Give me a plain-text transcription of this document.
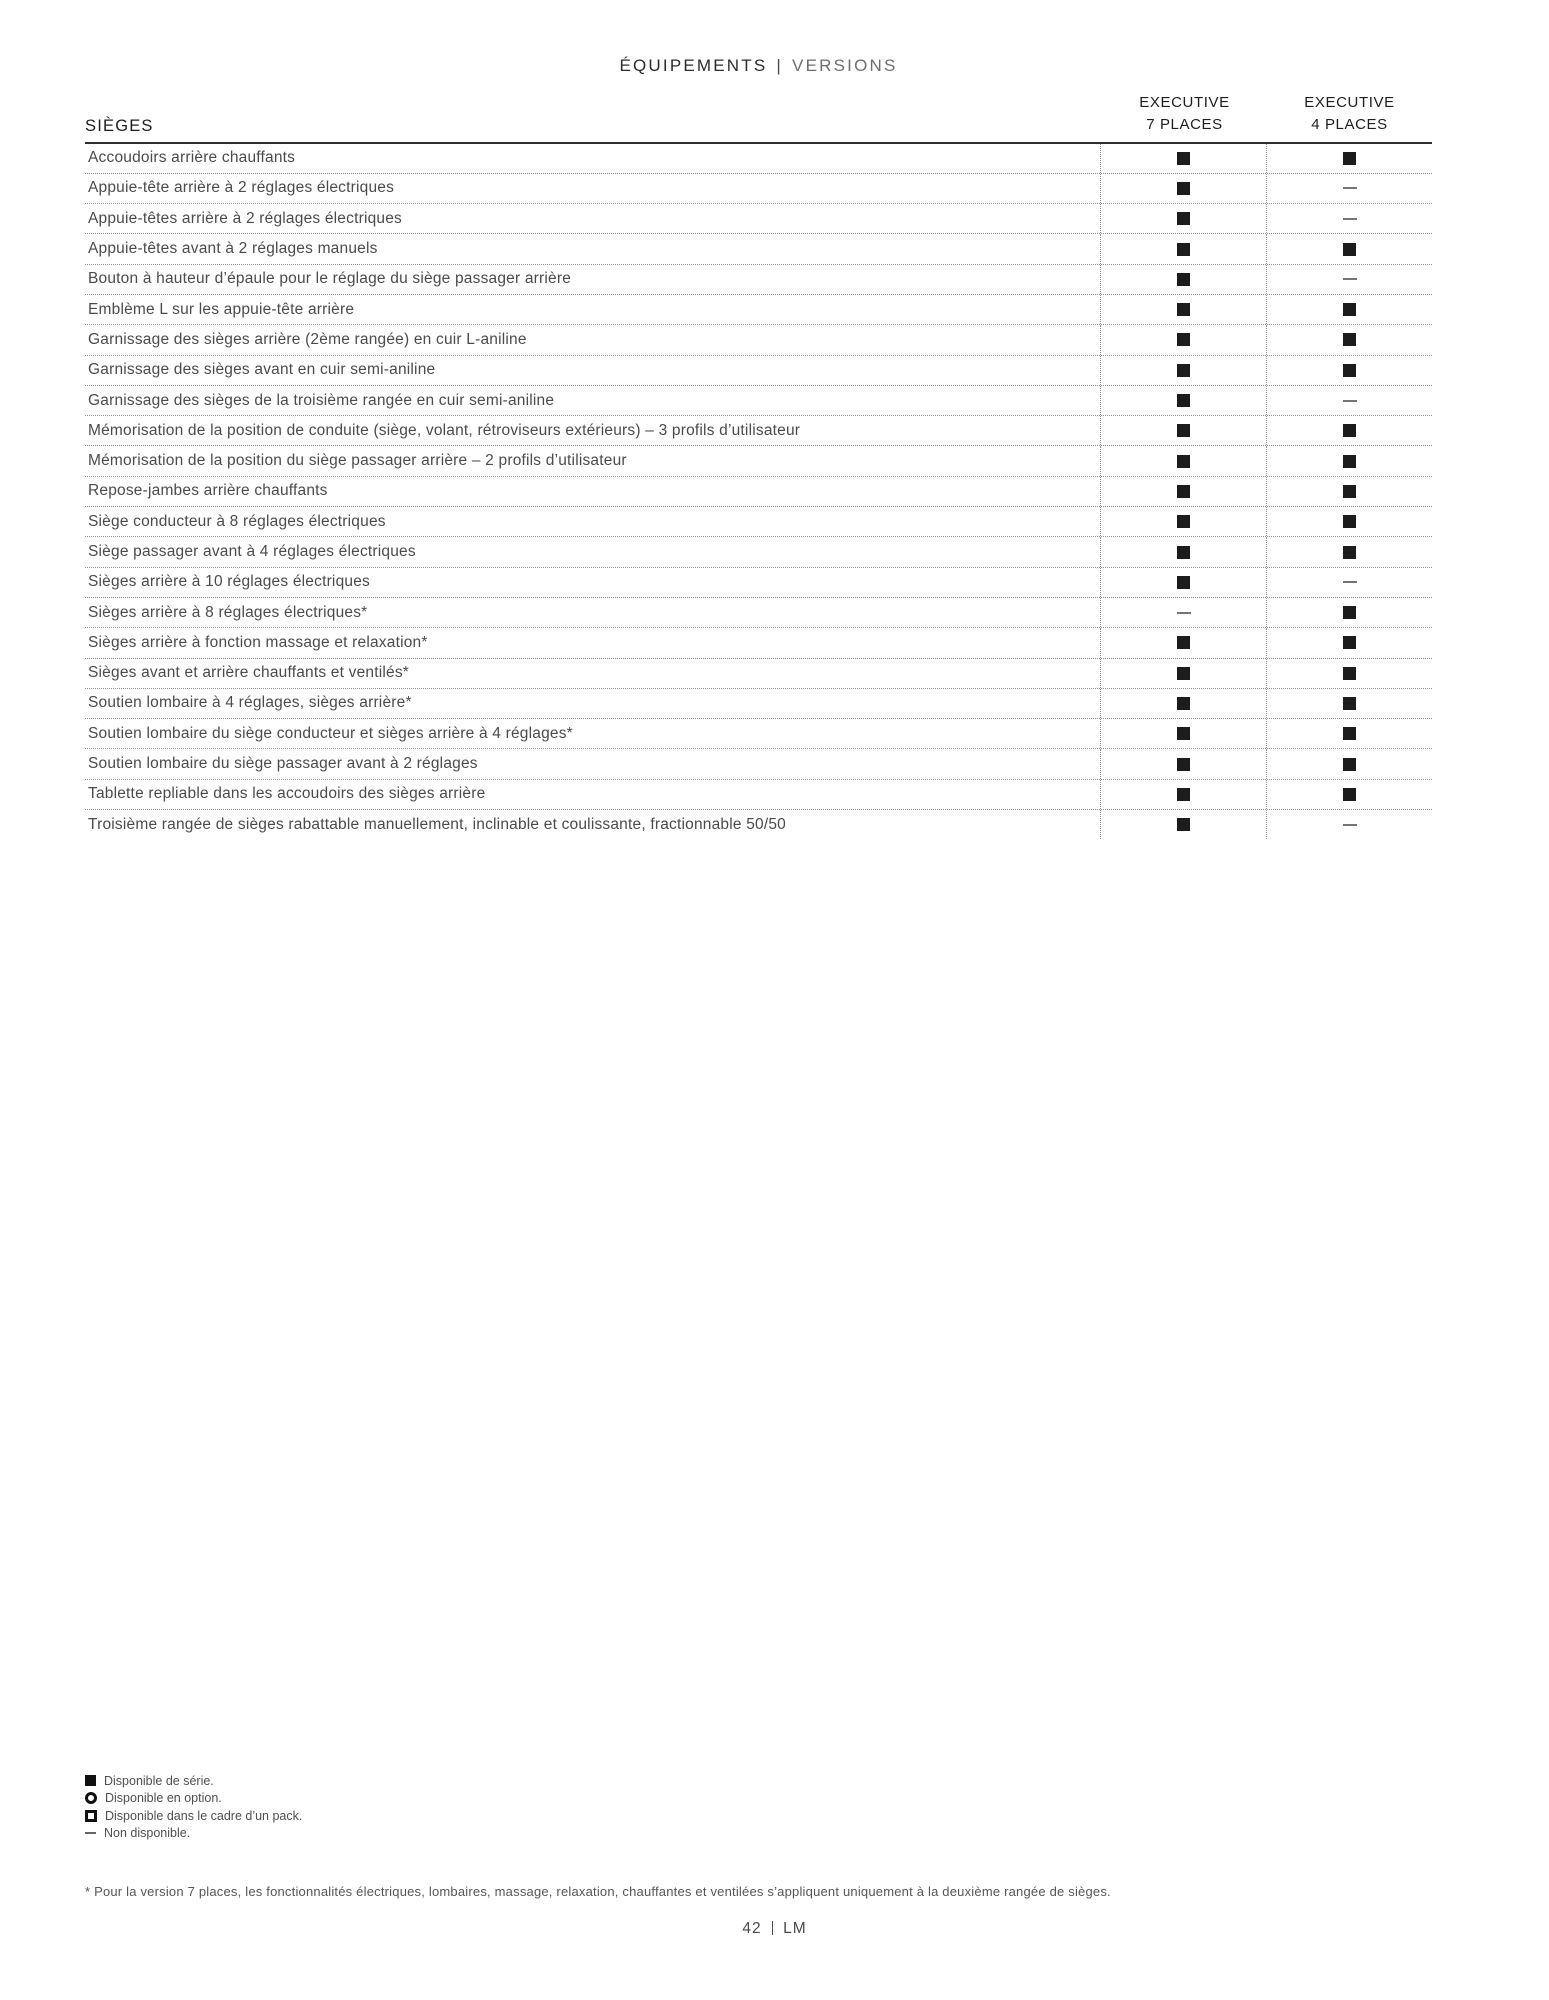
ÉQUIPEMENTS | VERSIONS
SIÈGES
EXECUTIVE
7 PLACES
EXECUTIVE
4 PLACES
Accoudoirs arrière chauffants
Appuie-tête arrière à 2 réglages électriques
Appuie-têtes arrière à 2 réglages électriques
Appuie-têtes avant à 2 réglages manuels
Bouton à hauteur d’épaule pour le réglage du siège passager arrière
Emblème L sur les appuie-tête arrière
Garnissage des sièges arrière (2ème rangée) en cuir L-aniline
Garnissage des sièges avant en cuir semi-aniline
Garnissage des sièges de la troisième rangée en cuir semi-aniline
Mémorisation de la position de conduite (siège, volant, rétroviseurs extérieurs) – 3 profils d’utilisateur
Mémorisation de la position du siège passager arrière – 2 profils d’utilisateur
Repose-jambes arrière chauffants
Siège conducteur à 8 réglages électriques
Siège passager avant à 4 réglages électriques
Sièges arrière à 10 réglages électriques
Sièges arrière à 8 réglages électriques*
Sièges arrière à fonction massage et relaxation*
Sièges avant et arrière chauffants et ventilés*
Soutien lombaire à 4 réglages, sièges arrière*
Soutien lombaire du siège conducteur et sièges arrière à 4 réglages*
Soutien lombaire du siège passager avant à 2 réglages
Tablette repliable dans les accoudoirs des sièges arrière
Troisième rangée de sièges rabattable manuellement, inclinable et coulissante, fractionnable 50/50
Disponible de série.
Disponible en option.
Disponible dans le cadre d’un pack.
Non disponible.
* Pour la version 7 places, les fonctionnalités électriques, lombaires, massage, relaxation, chauffantes et ventilées s’appliquent uniquement à la deuxième rangée de sièges.
42 LM
